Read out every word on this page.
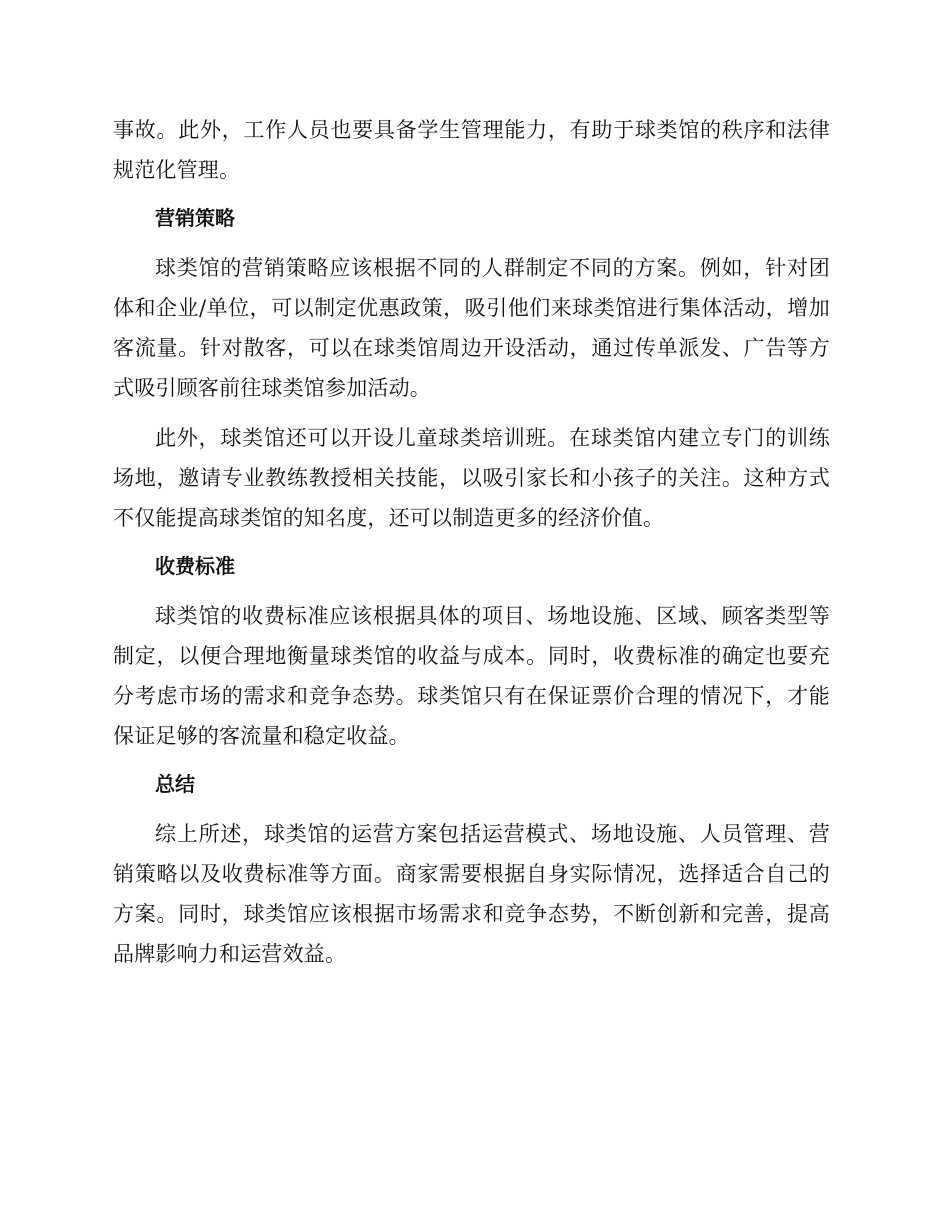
事故。此外，工作人员也要具备学生管理能力，有助于球类馆的秩序和法律规范化管理。

营销策略

球类馆的营销策略应该根据不同的人群制定不同的方案。例如，针对团体和企业/单位，可以制定优惠政策，吸引他们来球类馆进行集体活动，增加客流量。针对散客，可以在球类馆周边开设活动，通过传单派发、广告等方式吸引顾客前往球类馆参加活动。

此外，球类馆还可以开设儿童球类培训班。在球类馆内建立专门的训练场地，邀请专业教练教授相关技能，以吸引家长和小孩子的关注。这种方式不仅能提高球类馆的知名度，还可以制造更多的经济价值。

收费标准

球类馆的收费标准应该根据具体的项目、场地设施、区域、顾客类型等制定，以便合理地衡量球类馆的收益与成本。同时，收费标准的确定也要充分考虑市场的需求和竞争态势。球类馆只有在保证票价合理的情况下，才能保证足够的客流量和稳定收益。

总结

综上所述，球类馆的运营方案包括运营模式、场地设施、人员管理、营销策略以及收费标准等方面。商家需要根据自身实际情况，选择适合自己的方案。同时，球类馆应该根据市场需求和竞争态势，不断创新和完善，提高品牌影响力和运营效益。
